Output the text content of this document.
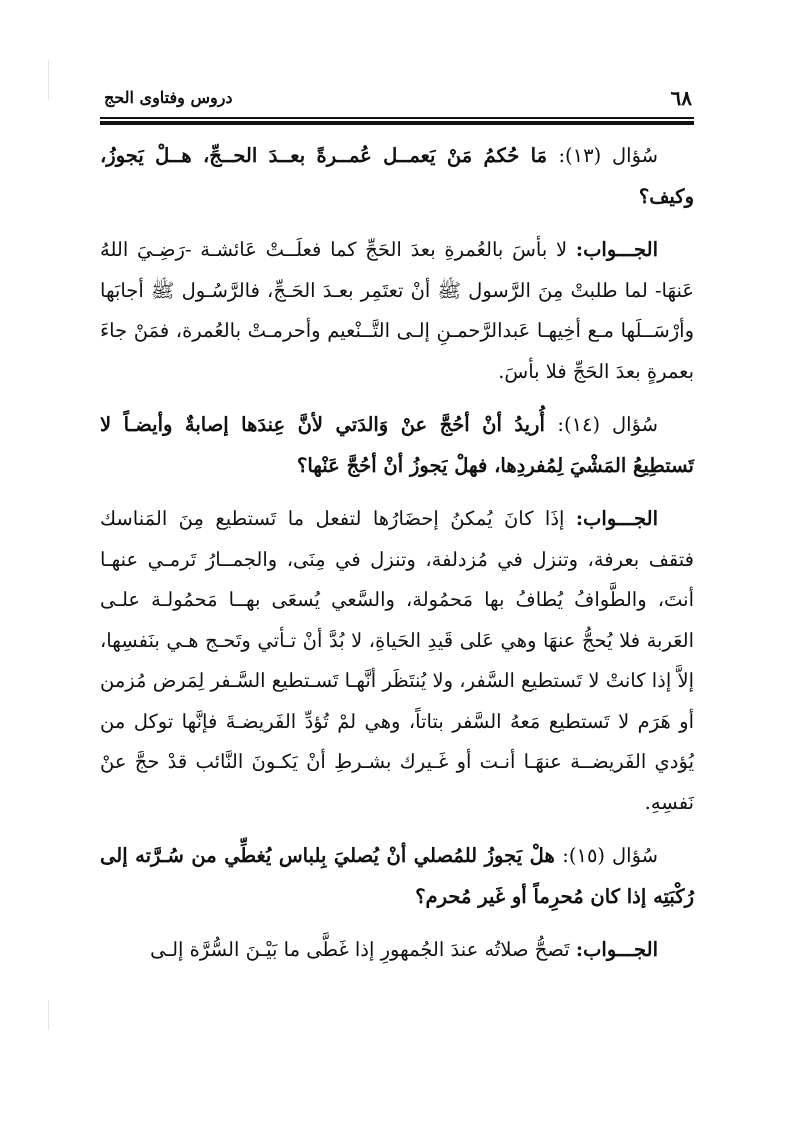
٦٨
دروس وفتاوى الحج

سُؤال (١٣): مَا حُكمُ مَنْ يَعمــل عُمــرةً بعــدَ الحــجِّ، هــلْ يَجوزُ، وكيف؟

الجـــواب: لا بأسَ بالعُمرةِ بعدَ الحَجِّ كما فعلَــتْ عَائشـة -رَضِـيَ اللهُ عَنهَا- لما طلبتْ مِنَ الرَّسول ﷺ أنْ تعتَمِر بعـدَ الحَـجِّ، فالرَّسُـول ﷺ أجابَها وأرْسَــلَها مـع أخِيهـا عَبدالرَّحمـنِ إلـى التَّــنْعيم وأحرمـتْ بالعُمرة، فمَنْ جاءَ بعمرةٍ بعدَ الحَجِّ فلا بأسَ.

سُؤال (١٤): أُريدُ أنْ أحُجَّ عنْ وَالدَتي لأنَّ عِندَها إصابةٌ وأيضـاً لا تَستطِيعُ المَشْيَ لِمُفردِها، فهلْ يَجوزُ أنْ أحُجَّ عَنْها؟

الجـــواب: إذَا كانَ يُمكنُ إحضَارُها لتفعل ما تَستطيع مِنَ المَناسك فتقف بعرفة، وتنزل في مُزدلفة، وتنزل في مِنَى، والجمــارُ تَرمـي عنهـا أنتَ، والطَّوافُ يُطافُ بها مَحمُولة، والسَّعي يُسعَى بهــا مَحمُولـة علـى العَربة فلا يُحجُّ عنهَا وهي عَلى قَيدِ الحَياةِ، لا بُدَّ أنْ تـأتي وتَحـج هـي بنَفسِها، إلاَّ إذا كانتْ لا تَستطيع السَّفر، ولا يُنتَظَر أنَّهـا تَسـتطيع السَّـفر لِمَرض مُزمن أو هَرَم لا تَستطيع مَعهُ السَّفر بتاتاً، وهي لمْ تُؤدِّ الفَريضـةَ فإنَّها توكل من يُؤدي الفَريضــة عنهَـا أنـت أو غَـيرك بشـرطِ أنْ يَكـونَ النَّائب قدْ حجَّ عنْ نَفسِهِ.

سُؤال (١٥): هلْ يَجوزُ للمُصلي أنْ يُصليَ بِلباس يُغطِّي من سُـرَّته إلى رُكْبَتِه إذا كان مُحرِماً أو غَير مُحرم؟

الجـــواب: تَصحُّ صلاتُه عندَ الجُمهورِ إذا غَطَّى ما بَيْـنَ السُّرَّة إلـى
